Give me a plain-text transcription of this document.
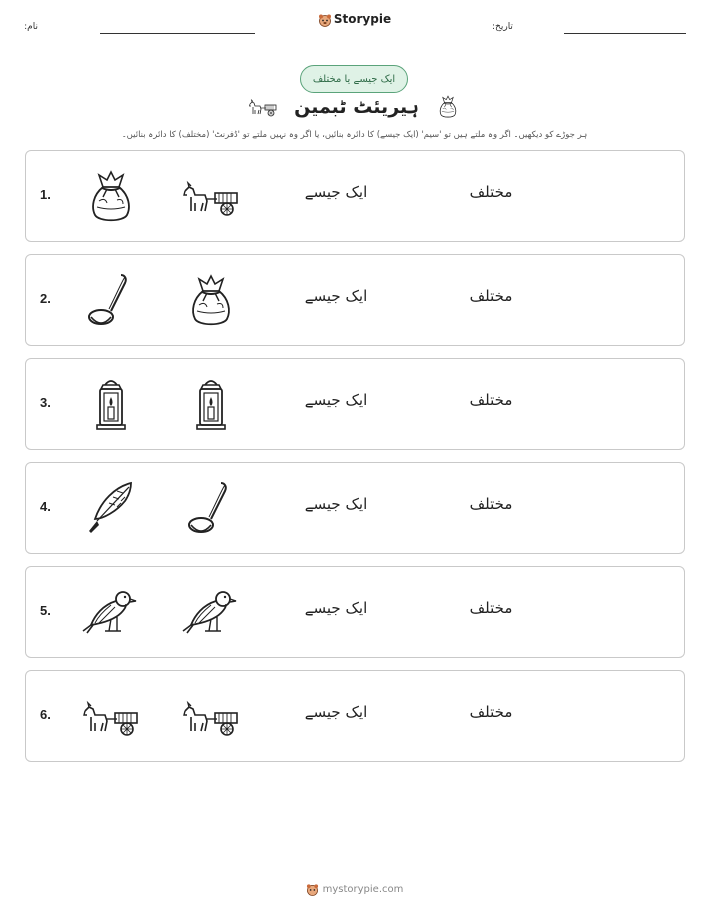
نام:
Storypie
تاریخ:
ایک جیسے یا مختلف
ہیریئٹ ٹبمین
ہر جوڑے کو دیکھیں۔ اگر وہ ملتے ہیں تو 'سیم' (ایک جیسے) کا دائرہ بنائیں، یا اگر وہ نہیں ملتے تو 'ڈفرنٹ' (مختلف) کا دائرہ بنائیں۔
1.	ایک جیسے	مختلف
2.	ایک جیسے	مختلف
3.	ایک جیسے	مختلف
4.	ایک جیسے	مختلف
5.	ایک جیسے	مختلف
6.	ایک جیسے	مختلف
mystorypie.com
